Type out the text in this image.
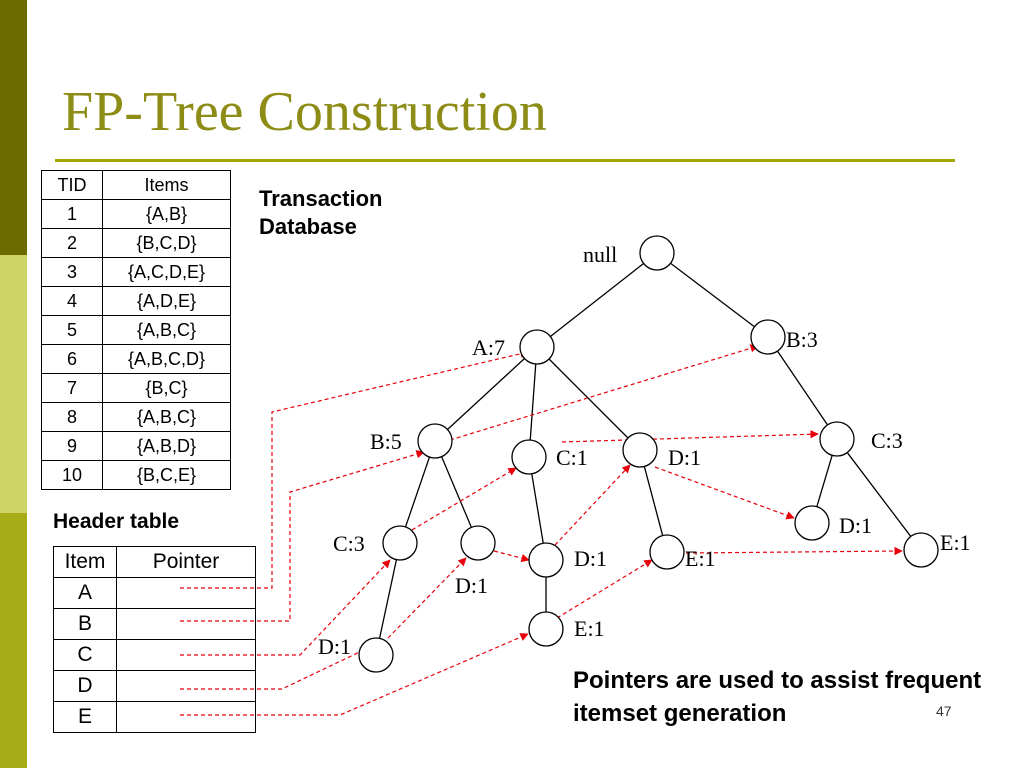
FP-Tree Construction
TID	Items
1	{A,B}
2	{B,C,D}
3	{A,C,D,E}
4	{A,D,E}
5	{A,B,C}
6	{A,B,C,D}
7	{B,C}
8	{A,B,C}
9	{A,B,D}
10	{B,C,E}
Transaction Database
Header table
Item	Pointer
A	
B	
C	
D	
E	
null
A:7	B:3
B:5
C:1	D:1
C:3
C:3
D:1
D:1
D:1
E:1
D:1
E:1
E:1
Pointers are used to assist frequent itemset generation	47
